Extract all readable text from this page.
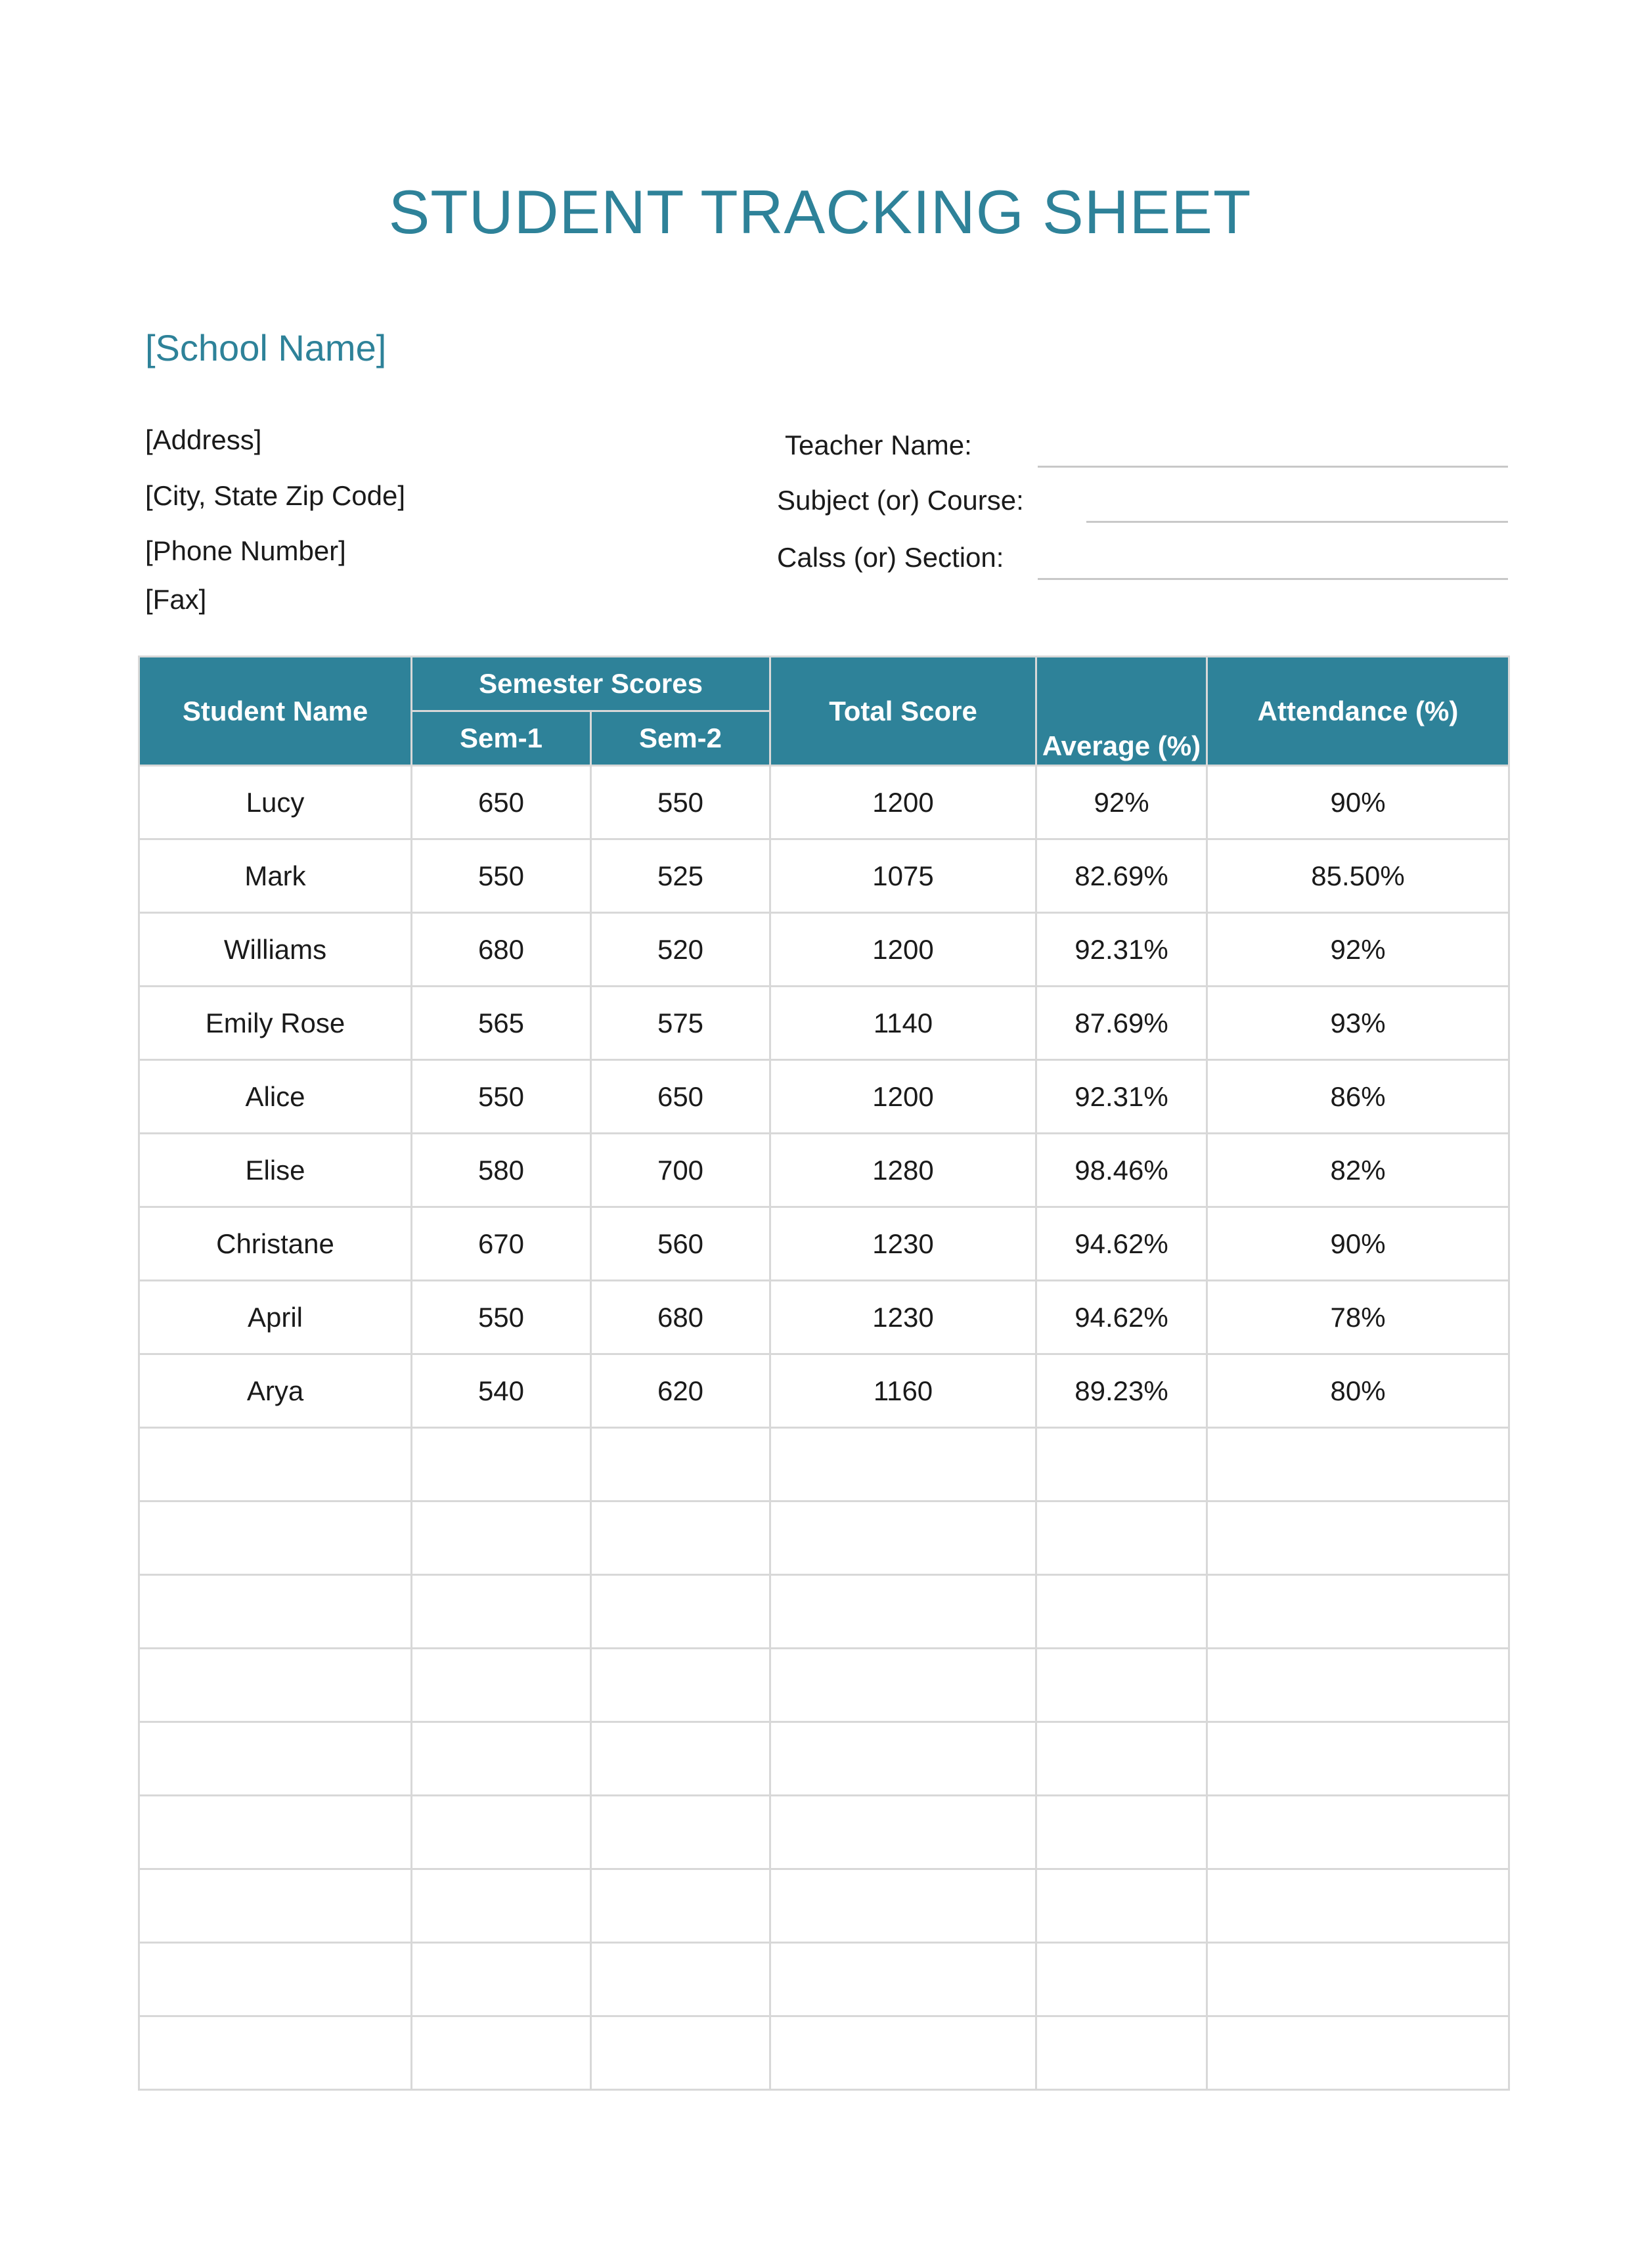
STUDENT TRACKING SHEET
[School Name]
[Address]
[City, State Zip Code]
[Phone Number]
[Fax]
Teacher Name:
Subject (or) Course:
Calss (or) Section:
Student Name	Semester Scores		Total Score	Average (%)	Attendance (%)
	Sem-1	Sem-2			
Lucy	650	550	1200	92%	90%
Mark	550	525	1075	82.69%	85.50%
Williams	680	520	1200	92.31%	92%
Emily Rose	565	575	1140	87.69%	93%
Alice	550	650	1200	92.31%	86%
Elise	580	700	1280	98.46%	82%
Christane	670	560	1230	94.62%	90%
April	550	680	1230	94.62%	78%
Arya	540	620	1160	89.23%	80%
